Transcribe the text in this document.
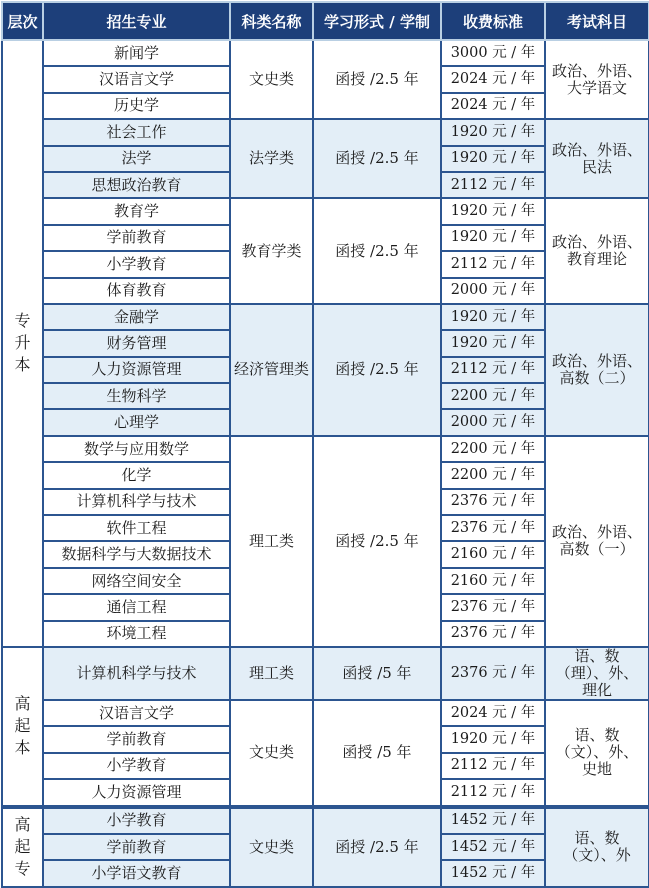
层次	招生专业	科类名称	学习形式 / 学制	收费标准	考试科目
专升本	新闻学	文史类	函授 /2.5 年	3000 元 / 年	政治、外语、大学语文
	汉语言文学			2024 元 / 年	
	历史学			2024 元 / 年	
	社会工作	法学类	函授 /2.5 年	1920 元 / 年	政治、外语、民法
	法学			1920 元 / 年	
	思想政治教育			2112 元 / 年	
	教育学	教育学类	函授 /2.5 年	1920 元 / 年	政治、外语、教育理论
	学前教育			1920 元 / 年	
	小学教育			2112 元 / 年	
	体育教育			2000 元 / 年	
	金融学	经济管理类	函授 /2.5 年	1920 元 / 年	政治、外语、高数（二）
	财务管理			1920 元 / 年	
	人力资源管理			2112 元 / 年	
	生物科学			2200 元 / 年	
	心理学			2000 元 / 年	
	数学与应用数学	理工类	函授 /2.5 年	2200 元 / 年	政治、外语、高数（一）
	化学			2200 元 / 年	
	计算机科学与技术			2376 元 / 年	
	软件工程			2376 元 / 年	
	数据科学与大数据技术			2160 元 / 年	
	网络空间安全			2160 元 / 年	
	通信工程			2376 元 / 年	
	环境工程			2376 元 / 年	
高起本	计算机科学与技术	理工类	函授 /5 年	2376 元 / 年	语、数（理）、外、理化
	汉语言文学	文史类	函授 /5 年	2024 元 / 年	语、数（文）、外、史地
	学前教育			1920 元 / 年	
	小学教育			2112 元 / 年	
	人力资源管理			2112 元 / 年	
高起专	小学教育	文史类	函授 /2.5 年	1452 元 / 年	语、数（文）、外
	学前教育			1452 元 / 年	
	小学语文教育			1452 元 / 年	
